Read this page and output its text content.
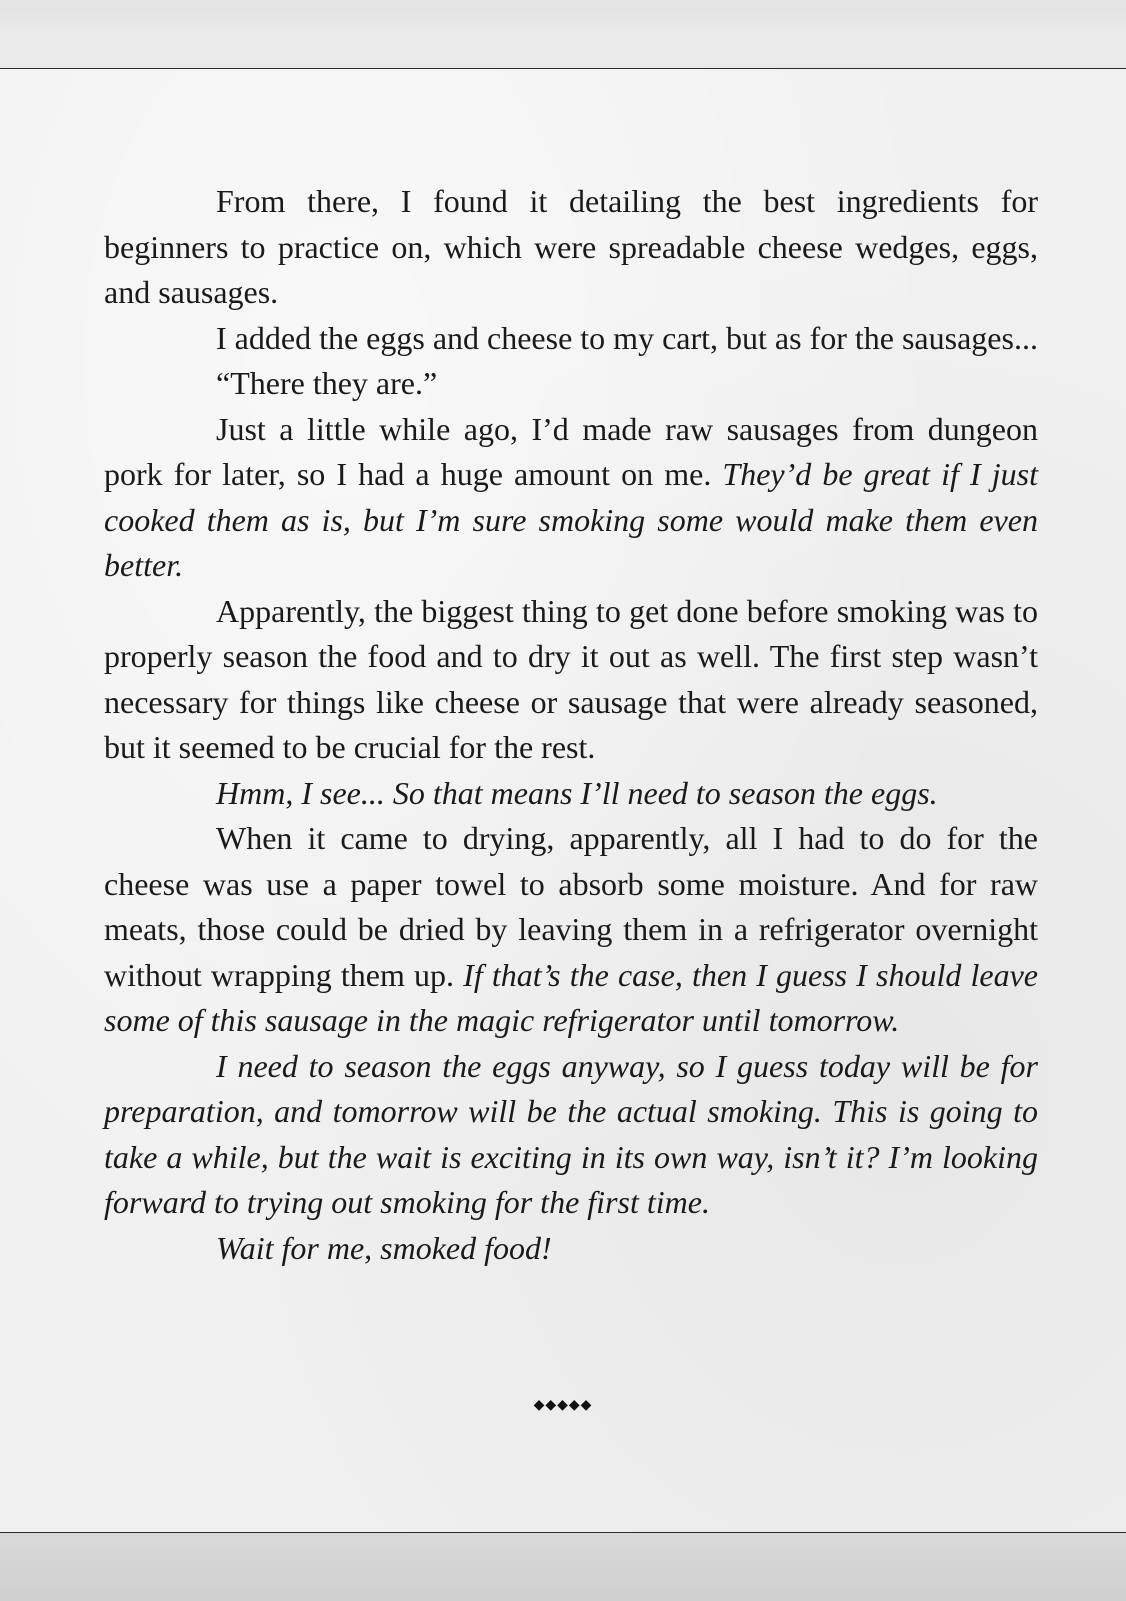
From there, I found it detailing the best ingredients for beginners to practice on, which were spreadable cheese wedges, eggs, and sausages.

I added the eggs and cheese to my cart, but as for the sausages...

“There they are.”

Just a little while ago, I’d made raw sausages from dungeon pork for later, so I had a huge amount on me. They’d be great if I just cooked them as is, but I’m sure smoking some would make them even better.

Apparently, the biggest thing to get done before smoking was to properly season the food and to dry it out as well. The first step wasn’t necessary for things like cheese or sausage that were already seasoned, but it seemed to be crucial for the rest.

Hmm, I see... So that means I’ll need to season the eggs.

When it came to drying, apparently, all I had to do for the cheese was use a paper towel to absorb some moisture. And for raw meats, those could be dried by leaving them in a refrigerator overnight without wrapping them up. If that’s the case, then I guess I should leave some of this sausage in the magic refrigerator until tomorrow.

I need to season the eggs anyway, so I guess today will be for preparation, and tomorrow will be the actual smoking. This is going to take a while, but the wait is exciting in its own way, isn’t it? I’m looking forward to trying out smoking for the first time.

Wait for me, smoked food!

◆◆◆◆◆
